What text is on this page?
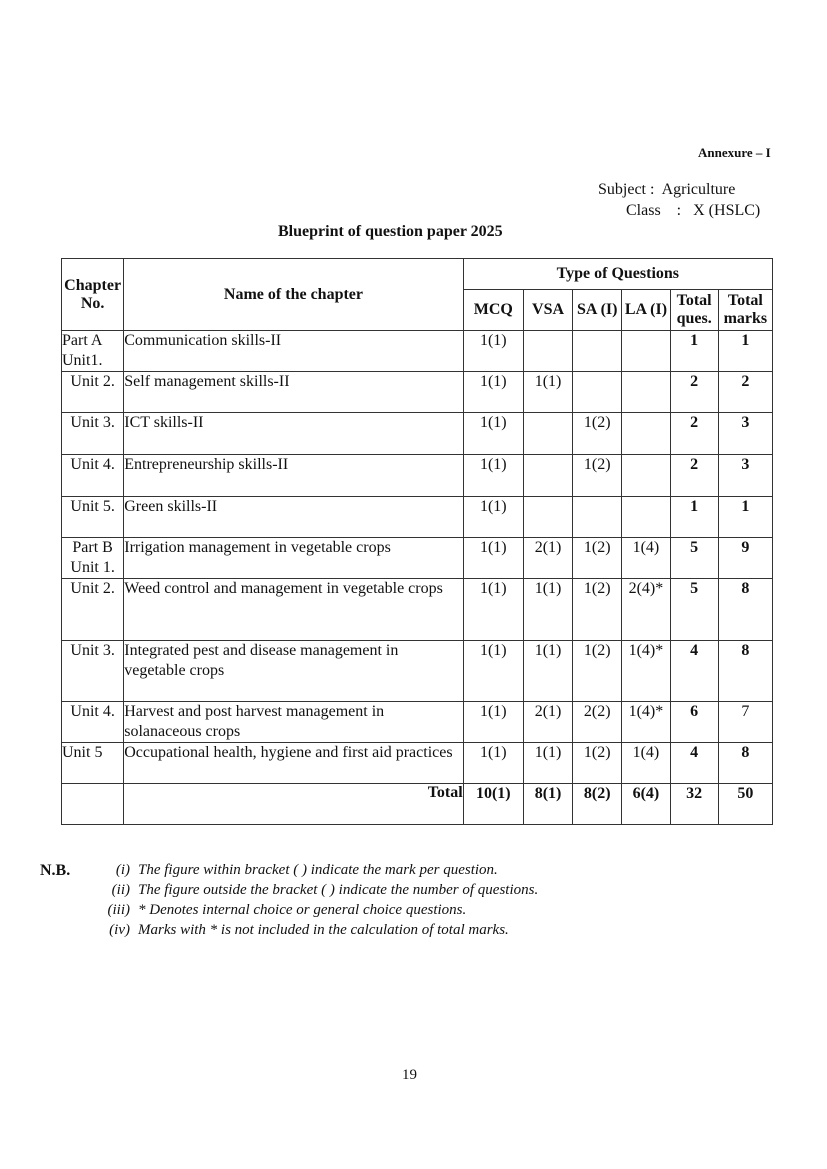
Annexure – I
Subject : Agriculture
Class : X (HSLC)
Blueprint of question paper 2025
Chapter No.	Name of the chapter	Type of Questions					
		MCQ	VSA	SA (I)	LA (I)	Total ques.	Total marks
Part A Unit1.	Communication skills-II	1(1)				1	1
Unit 2.	Self management skills-II	1(1)	1(1)			2	2
Unit 3.	ICT skills-II	1(1)		1(2)		2	3
Unit 4.	Entrepreneurship skills-II	1(1)		1(2)		2	3
Unit 5.	Green skills-II	1(1)				1	1
Part B Unit 1.	Irrigation management in vegetable crops	1(1)	2(1)	1(2)	1(4)	5	9
Unit 2.	Weed control and management in vegetable crops	1(1)	1(1)	1(2)	2(4)*	5	8
Unit 3.	Integrated pest and disease management in vegetable crops	1(1)	1(1)	1(2)	1(4)*	4	8
Unit 4.	Harvest and post harvest management in solanaceous crops	1(1)	2(1)	2(2)	1(4)*	6	7
Unit 5	Occupational health, hygiene and first aid practices	1(1)	1(1)	1(2)	1(4)	4	8
	Total	10(1)	8(1)	8(2)	6(4)	32	50
N.B.	(i) The figure within bracket ( ) indicate the mark per question.
(ii) The figure outside the bracket ( ) indicate the number of questions.
(iii) * Denotes internal choice or general choice questions.
(iv) Marks with * is not included in the calculation of total marks.
19
